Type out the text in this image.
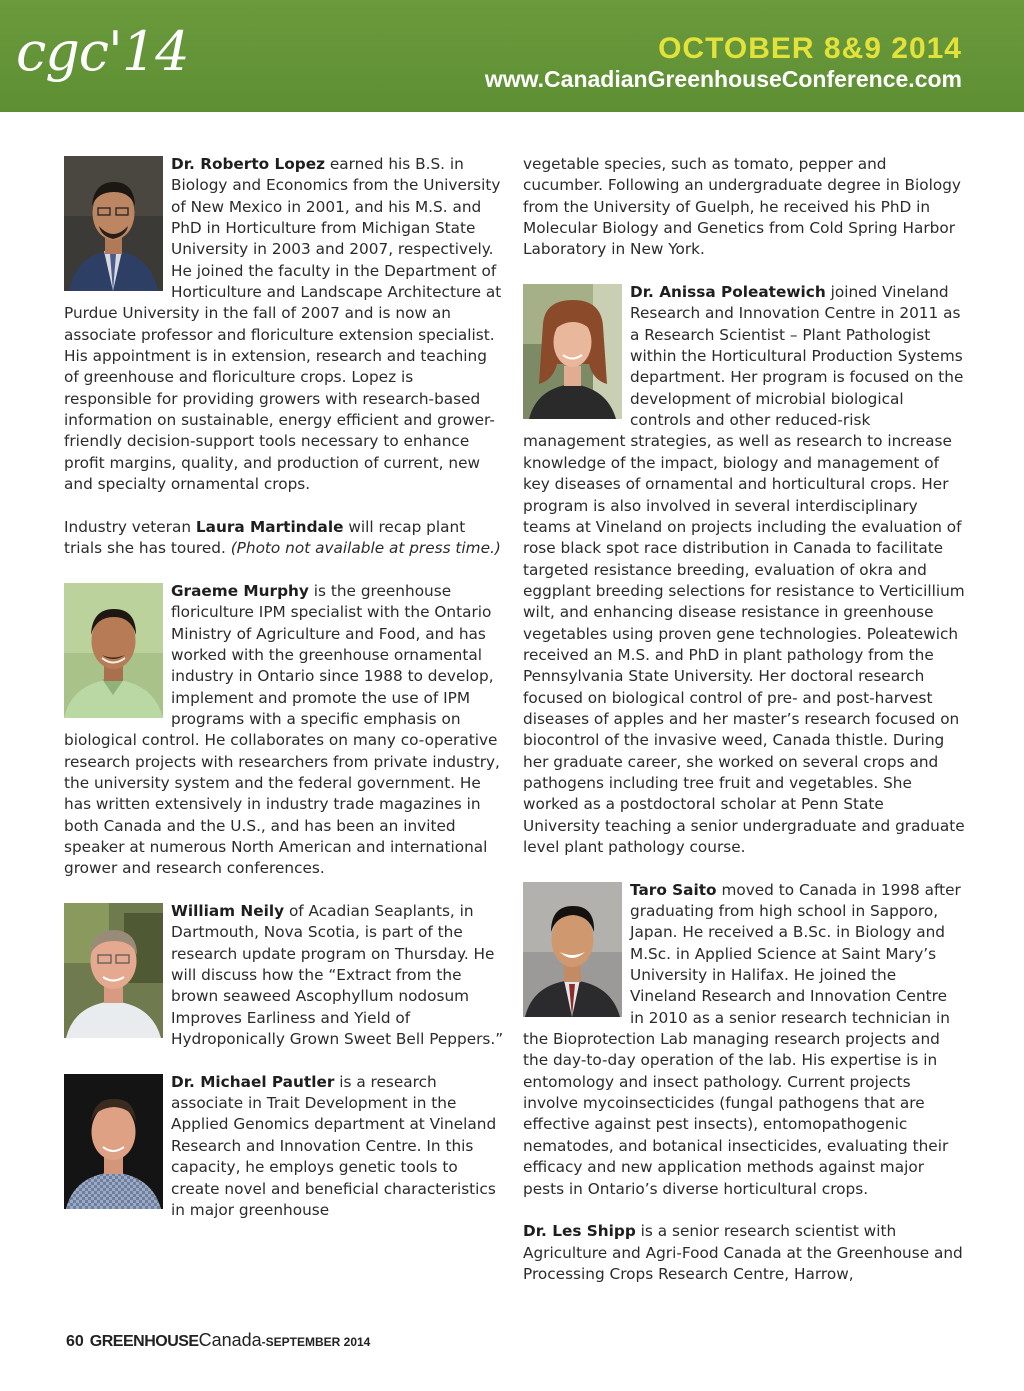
cgc'14	OCTOBER 8&9 2014
www.CanadianGreenhouseConference.com

Dr. Roberto Lopez earned his B.S. in Biology and Economics from the University of New Mexico in 2001, and his M.S. and PhD in Horticulture from Michigan State University in 2003 and 2007, respectively. He joined the faculty in the Department of Horticulture and Landscape Architecture at Purdue University in the fall of 2007 and is now an associate professor and floriculture extension specialist. His appointment is in extension, research and teaching of greenhouse and floriculture crops. Lopez is responsible for providing growers with research-based information on sustainable, energy efficient and grower-friendly decision-support tools necessary to enhance profit margins, quality, and production of current, new and specialty ornamental crops.

Industry veteran Laura Martindale will recap plant trials she has toured. (Photo not available at press time.)

Graeme Murphy is the greenhouse floriculture IPM specialist with the Ontario Ministry of Agriculture and Food, and has worked with the greenhouse ornamental industry in Ontario since 1988 to develop, implement and promote the use of IPM programs with a specific emphasis on biological control. He collaborates on many co-operative research projects with researchers from private industry, the university system and the federal government. He has written extensively in industry trade magazines in both Canada and the U.S., and has been an invited speaker at numerous North American and international grower and research conferences.

William Neily of Acadian Seaplants, in Dartmouth, Nova Scotia, is part of the research update program on Thursday. He will discuss how the “Extract from the brown seaweed Ascophyllum nodosum Improves Earliness and Yield of Hydroponically Grown Sweet Bell Peppers.”

Dr. Michael Pautler is a research associate in Trait Development in the Applied Genomics department at Vineland Research and Innovation Centre. In this capacity, he employs genetic tools to create novel and beneficial characteristics in major greenhouse

vegetable species, such as tomato, pepper and cucumber. Following an undergraduate degree in Biology from the University of Guelph, he received his PhD in Molecular Biology and Genetics from Cold Spring Harbor Laboratory in New York.

Dr. Anissa Poleatewich joined Vineland Research and Innovation Centre in 2011 as a Research Scientist – Plant Pathologist within the Horticultural Production Systems department. Her program is focused on the development of microbial biological controls and other reduced-risk management strategies, as well as research to increase knowledge of the impact, biology and management of key diseases of ornamental and horticultural crops. Her program is also involved in several interdisciplinary teams at Vineland on projects including the evaluation of rose black spot race distribution in Canada to facilitate targeted resistance breeding, evaluation of okra and eggplant breeding selections for resistance to Verticillium wilt, and enhancing disease resistance in greenhouse vegetables using proven gene technologies. Poleatewich received an M.S. and PhD in plant pathology from the Pennsylvania State University. Her doctoral research focused on biological control of pre- and post-harvest diseases of apples and her master’s research focused on biocontrol of the invasive weed, Canada thistle. During her graduate career, she worked on several crops and pathogens including tree fruit and vegetables. She worked as a postdoctoral scholar at Penn State University teaching a senior undergraduate and graduate level plant pathology course.

Taro Saito moved to Canada in 1998 after graduating from high school in Sapporo, Japan. He received a B.Sc. in Biology and M.Sc. in Applied Science at Saint Mary’s University in Halifax. He joined the Vineland Research and Innovation Centre in 2010 as a senior research technician in the Bioprotection Lab managing research projects and the day-to-day operation of the lab. His expertise is in entomology and insect pathology. Current projects involve mycoinsecticides (fungal pathogens that are effective against pest insects), entomopathogenic nematodes, and botanical insecticides, evaluating their efficacy and new application methods against major pests in Ontario’s diverse horticultural crops.

Dr. Les Shipp is a senior research scientist with Agriculture and Agri-Food Canada at the Greenhouse and Processing Crops Research Centre, Harrow,

60 GREENHOUSECanada-SEPTEMBER 2014
